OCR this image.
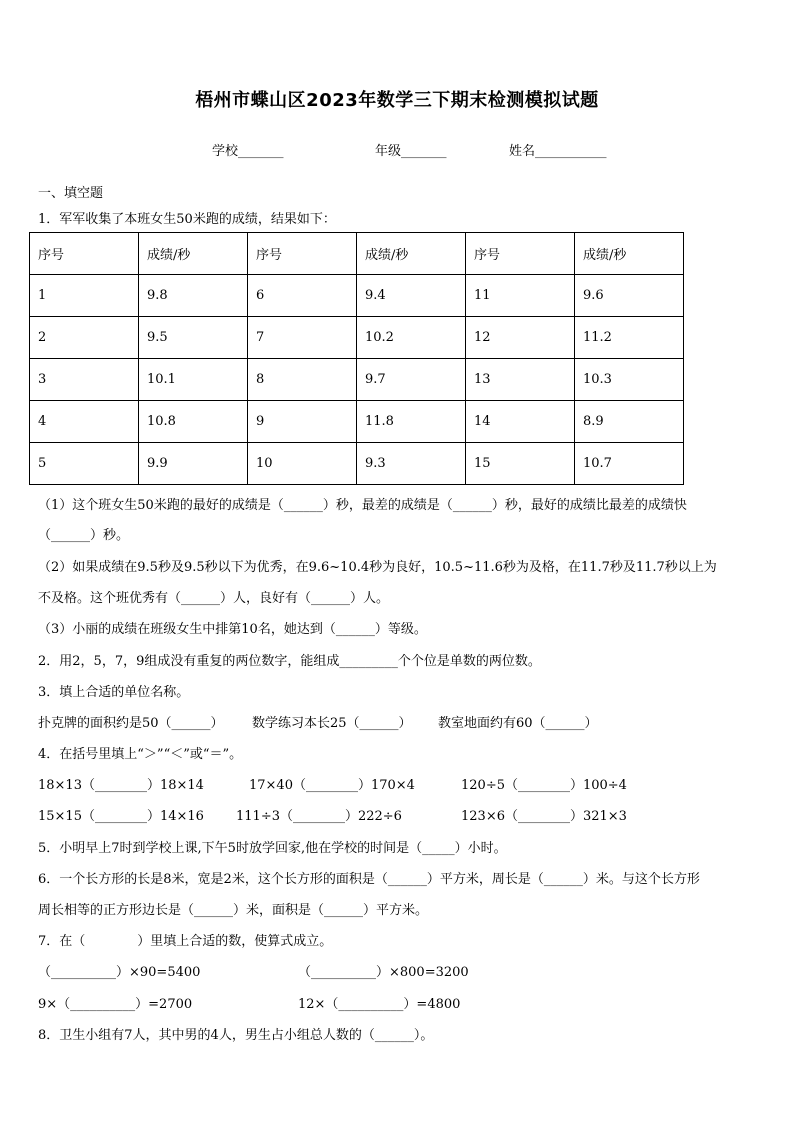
梧州市蝶山区2023年数学三下期末检测模拟试题
学校_______	年级_______	姓名___________
一、填空题
1．军军收集了本班女生50米跑的成绩，结果如下：
序号	成绩/秒	序号	成绩/秒	序号	成绩/秒
1	9.8	6	9.4	11	9.6
2	9.5	7	10.2	12	11.2
3	10.1	8	9.7	13	10.3
4	10.8	9	11.8	14	8.9
5	9.9	10	9.3	15	10.7
（1）这个班女生50米跑的最好的成绩是（______）秒，最差的成绩是（______）秒，最好的成绩比最差的成绩快
（______）秒。
（2）如果成绩在9.5秒及9.5秒以下为优秀，在9.6~10.4秒为良好，10.5~11.6秒为及格，在11.7秒及11.7秒以上为
不及格。这个班优秀有（______）人，良好有（______）人。
（3）小丽的成绩在班级女生中排第10名，她达到（______）等级。
2．用2，5，7，9组成没有重复的两位数字，能组成_________个个位是单数的两位数。
3．填上合适的单位名称。
扑克牌的面积约是50（______） 数学练习本长25（______） 教室地面约有60（______）
4．在括号里填上“＞”“＜”或“＝”。
18×13（________）18×14	17×40（________）170×4	120÷5（________）100÷4
15×15（________）14×16 111÷3（________）222÷6	123×6（________）321×3
5．小明早上7时到学校上课,下午5时放学回家,他在学校的时间是（_____）小时。
6．一个长方形的长是8米，宽是2米，这个长方形的面积是（______）平方米，周长是（______）米。与这个长方形
周长相等的正方形边长是（______）米，面积是（______）平方米。
7．在（　　　　）里填上合适的数，使算式成立。
（__________）×90=5400	（__________）×800=3200
9×（__________）=2700	12×（__________）=4800
8．卫生小组有7人，其中男的4人，男生占小组总人数的（______）。
